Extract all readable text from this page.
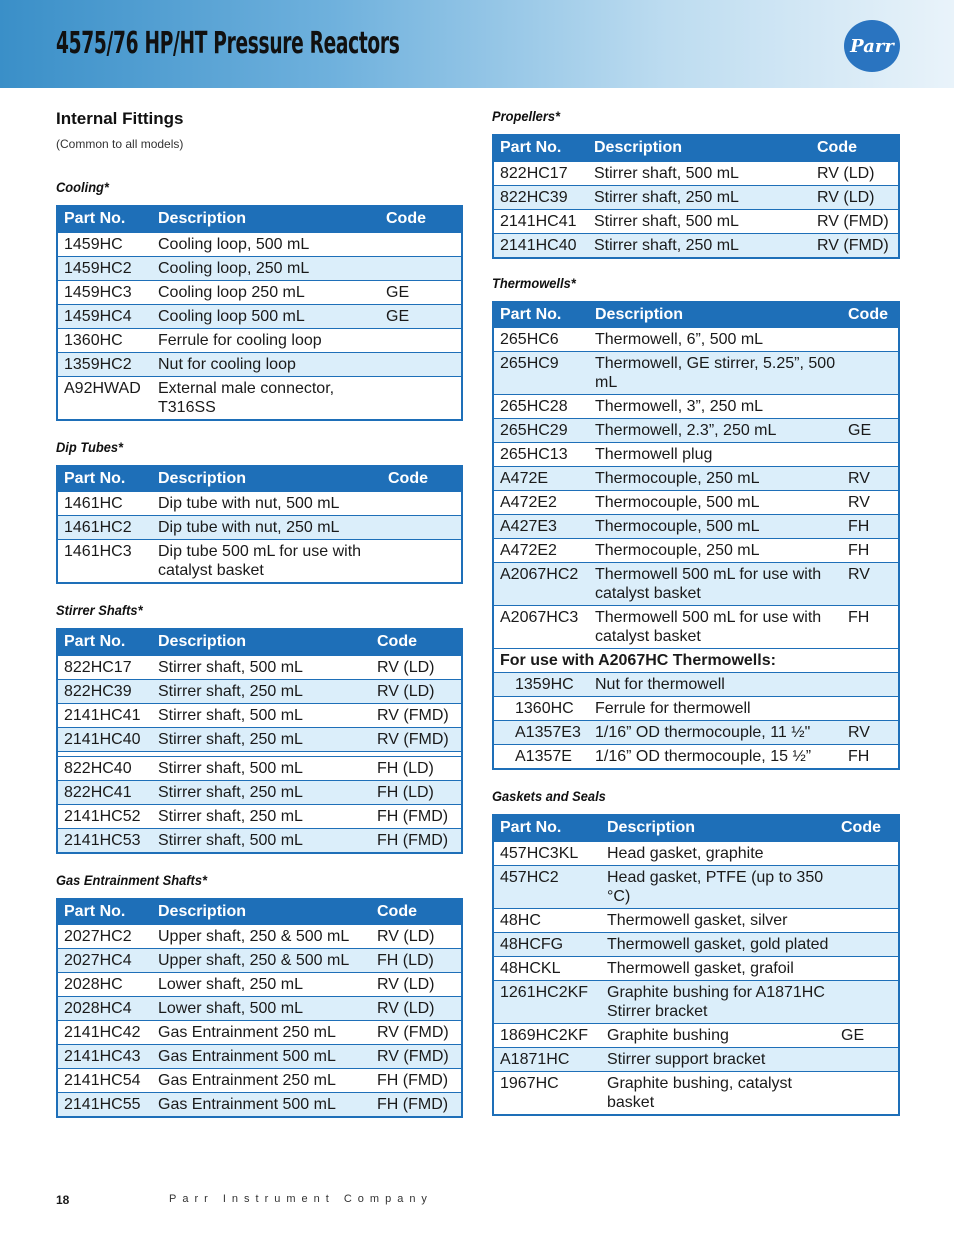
4575/76 HP/HT Pressure Reactors	Parr
Internal Fittings
(Common to all models)
Cooling*
Part No.	Description	Code
1459HC	Cooling loop, 500 mL	
1459HC2	Cooling loop, 250 mL	
1459HC3	Cooling loop 250 mL	GE
1459HC4	Cooling loop 500 mL	GE
1360HC	Ferrule for cooling loop	
1359HC2	Nut for cooling loop	
A92HWAD	External male connector, T316SS	
Dip Tubes*
Part No.	Description	Code
1461HC	Dip tube with nut, 500 mL	
1461HC2	Dip tube with nut, 250 mL	
1461HC3	Dip tube 500 mL for use with catalyst basket	
Stirrer Shafts*
Part No.	Description	Code
822HC17	Stirrer shaft, 500 mL	RV (LD)
822HC39	Stirrer shaft, 250 mL	RV (LD)
2141HC41	Stirrer shaft, 500 mL	RV (FMD)
2141HC40	Stirrer shaft, 250 mL	RV (FMD)

822HC40	Stirrer shaft, 500 mL	FH (LD)
822HC41	Stirrer shaft, 250 mL	FH (LD)
2141HC52	Stirrer shaft, 250 mL	FH (FMD)
2141HC53	Stirrer shaft, 500 mL	FH (FMD)
Gas Entrainment Shafts*
Part No.	Description	Code
2027HC2	Upper shaft, 250 & 500 mL	RV (LD)
2027HC4	Upper shaft, 250 & 500 mL	FH (LD)
2028HC	Lower shaft, 250 mL	RV (LD)
2028HC4	Lower shaft, 500 mL	RV (LD)
2141HC42	Gas Entrainment 250 mL	RV (FMD)
2141HC43	Gas Entrainment 500 mL	RV (FMD)
2141HC54	Gas Entrainment 250 mL	FH (FMD)
2141HC55	Gas Entrainment 500 mL	FH (FMD)
Propellers*
Part No.	Description	Code
822HC17	Stirrer shaft, 500 mL	RV (LD)
822HC39	Stirrer shaft, 250 mL	RV (LD)
2141HC41	Stirrer shaft, 500 mL	RV (FMD)
2141HC40	Stirrer shaft, 250 mL	RV (FMD)
Thermowells*
Part No.	Description	Code
265HC6	Thermowell, 6”, 500 mL	
265HC9	Thermowell, GE stirrer, 5.25”, 500 mL	
265HC28	Thermowell, 3”, 250 mL	
265HC29	Thermowell, 2.3”, 250 mL	GE
265HC13	Thermowell plug	
A472E	Thermocouple, 250 mL	RV
A472E2	Thermocouple, 500 mL	RV
A427E3	Thermocouple, 500 mL	FH
A472E2	Thermocouple, 250 mL	FH
A2067HC2	Thermowell 500 mL for use with catalyst basket	RV
A2067HC3	Thermowell 500 mL for use with catalyst basket	FH
For use with A2067HC Thermowells:		
1359HC	Nut for thermowell	
1360HC	Ferrule for thermowell	
A1357E3	1/16” OD thermocouple, 11 ½"	RV
A1357E	1/16” OD thermocouple, 15 ½”	FH
Gaskets and Seals
Part No.	Description	Code
457HC3KL	Head gasket, graphite	
457HC2	Head gasket, PTFE (up to 350 °C)	
48HC	Thermowell gasket, silver	
48HCFG	Thermowell gasket, gold plated	
48HCKL	Thermowell gasket, grafoil	
1261HC2KF	Graphite bushing for A1871HC Stirrer bracket	
1869HC2KF	Graphite bushing	GE
A1871HC	Stirrer support bracket	
1967HC	Graphite bushing, catalyst basket	
18	Parr Instrument Company
